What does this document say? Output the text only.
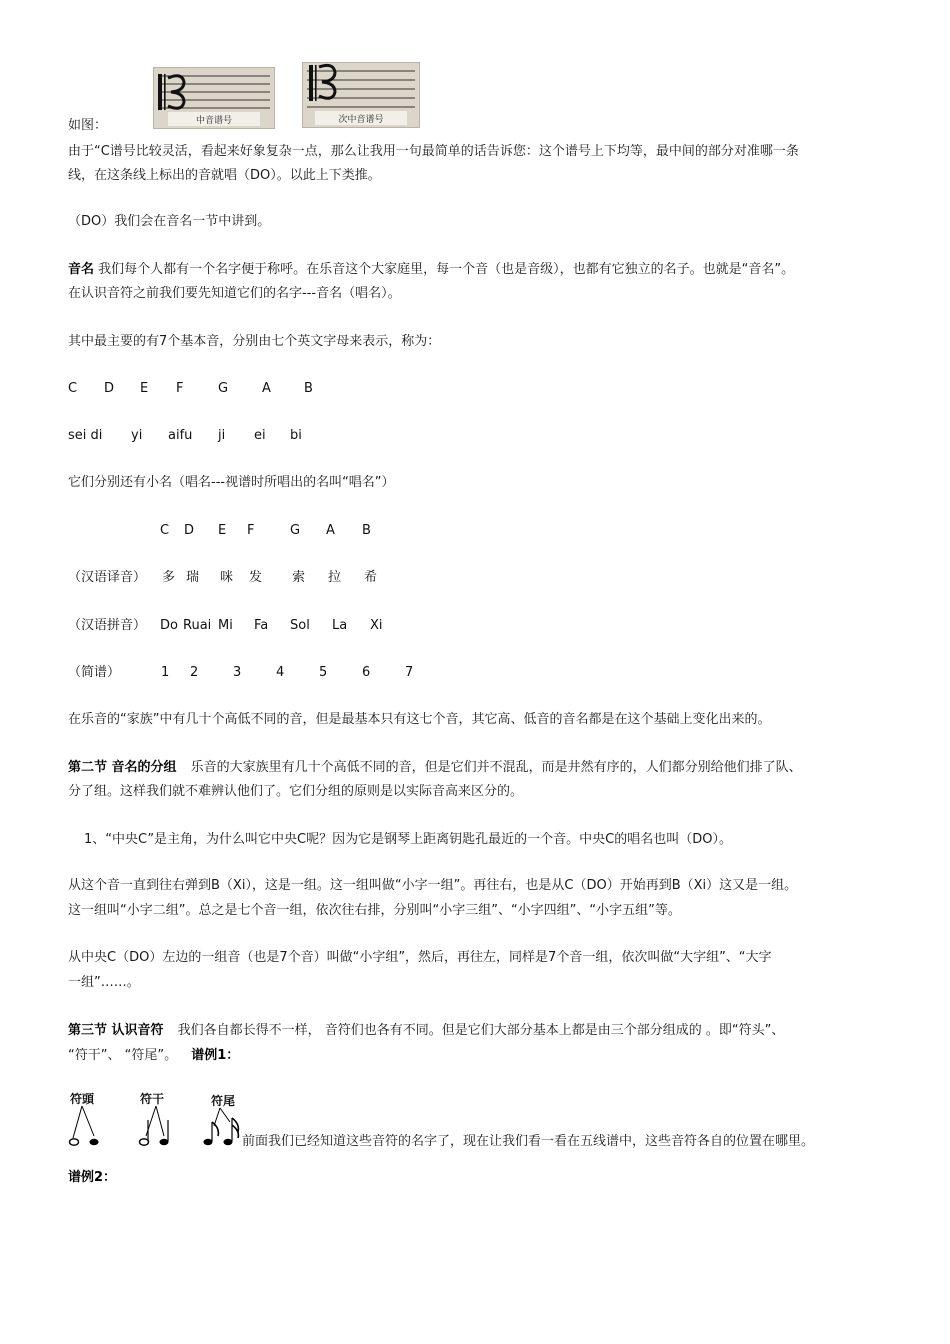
中音谱号	次中音谱号
如图：
由于“C谱号比较灵活，看起来好象复杂一点，那么让我用一句最简单的话告诉您：这个谱号上下均等，最中间的部分对准哪一条
线，在这条线上标出的音就唱（DO）。以此上下类推。
（DO）我们会在音名一节中讲到。
音名 我们每个人都有一个名字便于称呼。在乐音这个大家庭里，每一个音（也是音级），也都有它独立的名子。也就是“音名”。
在认识音符之前我们要先知道它们的名字---音名（唱名）。
其中最主要的有7个基本音，分别由七个英文字母来表示，称为：
C D E F	G	A	B
sei di yi aifu ji ei bi
它们分别还有小名（唱名---视谱时所唱出的名叫“唱名”）
C D E F	G A B
（汉语译音） 多 瑞 咪 发 索 拉 希
（汉语拼音） Do Ruai Mi Fa Sol La Xi
（简谱）	1 2	3	4	5	6	7
在乐音的“家族”中有几十个高低不同的音，但是最基本只有这七个音，其它高、低音的音名都是在这个基础上变化出来的。
第二节 音名的分组 乐音的大家族里有几十个高低不同的音，但是它们并不混乱，而是井然有序的，人们都分别给他们排了队、
分了组。这样我们就不难辨认他们了。它们分组的原则是以实际音高来区分的。
1、“中央C”是主角，为什么叫它中央C呢？因为它是钢琴上距离钥匙孔最近的一个音。中央C的唱名也叫（DO）。
从这个音一直到往右弹到B（Xi），这是一组。这一组叫做“小字一组”。再往右，也是从C（DO）开始再到B（Xi）这又是一组。
这一组叫“小字二组”。总之是七个音一组，依次往右排，分别叫“小字三组”、“小字四组”、“小字五组”等。
从中央C（DO）左边的一组音（也是7个音）叫做“小字组”，然后，再往左，同样是7个音一组，依次叫做“大字组”、“大字
一组”……。
第三节 认识音符 我们各自都长得不一样， 音符们也各有不同。但是它们大部分基本上都是由三个部分组成的 。即“符头”、
“符干”、 “符尾”。 谱例1：
符頭	符干	符尾
前面我们已经知道这些音符的名字了，现在让我们看一看在五线谱中，这些音符各自的位置在哪里。
谱例2：
